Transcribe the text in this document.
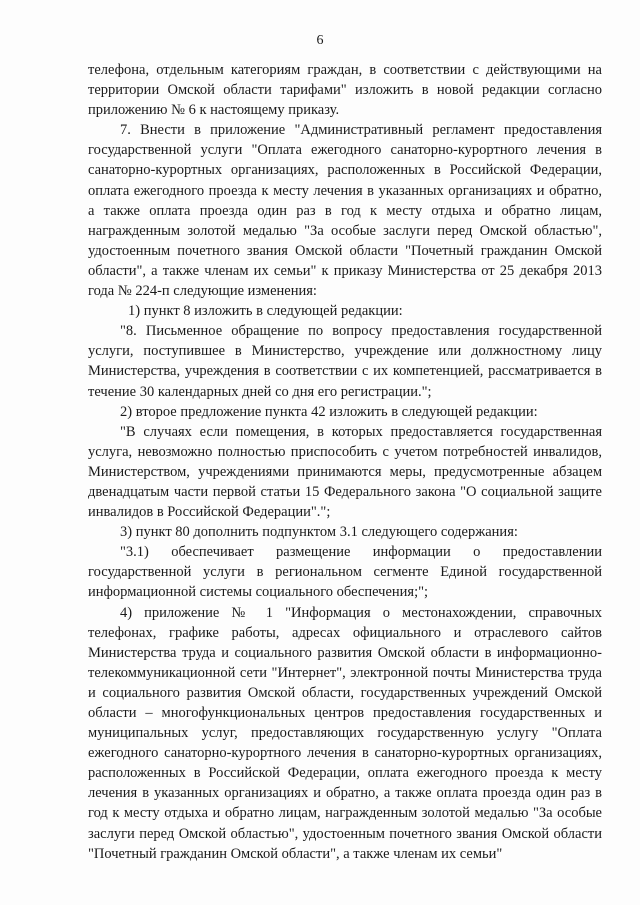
6

телефона, отдельным категориям граждан, в соответствии с действующими на территории Омской области тарифами" изложить в новой редакции согласно приложению № 6 к настоящему приказу.

7. Внести в приложение "Административный регламент предоставления государственной услуги "Оплата ежегодного санаторно-курортного лечения в санаторно-курортных организациях, расположенных в Российской Федерации, оплата ежегодного проезда к месту лечения в указанных организациях и обратно, а также оплата проезда один раз в год к месту отдыха и обратно лицам, награжденным золотой медалью "За особые заслуги перед Омской областью", удостоенным почетного звания Омской области "Почетный гражданин Омской области", а также членам их семьи" к приказу Министерства от 25 декабря 2013 года № 224-п следующие изменения:

1) пункт 8 изложить в следующей редакции:

"8. Письменное обращение по вопросу предоставления государственной услуги, поступившее в Министерство, учреждение или должностному лицу Министерства, учреждения в соответствии с их компетенцией, рассматривается в течение 30 календарных дней со дня его регистрации.";

2) второе предложение пункта 42 изложить в следующей редакции:

"В случаях если помещения, в которых предоставляется государственная услуга, невозможно полностью приспособить с учетом потребностей инвалидов, Министерством, учреждениями принимаются меры, предусмотренные абзацем двенадцатым части первой статьи 15 Федерального закона "О социальной защите инвалидов в Российской Федерации".";

3) пункт 80 дополнить подпунктом 3.1 следующего содержания:

"3.1) обеспечивает размещение информации о предоставлении государственной услуги в региональном сегменте Единой государственной информационной системы социального обеспечения;";

4) приложение № 1 "Информация о местонахождении, справочных телефонах, графике работы, адресах официального и отраслевого сайтов Министерства труда и социального развития Омской области в информационно-телекоммуникационной сети "Интернет", электронной почты Министерства труда и социального развития Омской области, государственных учреждений Омской области – многофункциональных центров предоставления государственных и муниципальных услуг, предоставляющих государственную услугу "Оплата ежегодного санаторно-курортного лечения в санаторно-курортных организациях, расположенных в Российской Федерации, оплата ежегодного проезда к месту лечения в указанных организациях и обратно, а также оплата проезда один раз в год к месту отдыха и обратно лицам, награжденным золотой медалью "За особые заслуги перед Омской областью", удостоенным почетного звания Омской области "Почетный гражданин Омской области", а также членам их семьи"
